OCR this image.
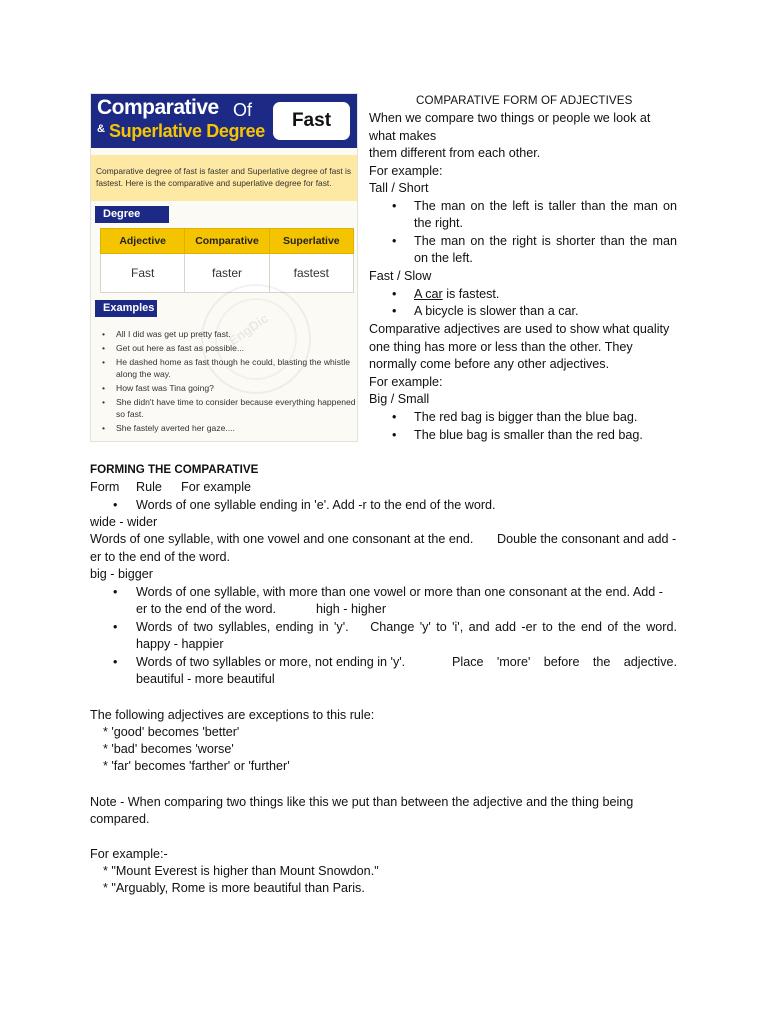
Comparative Of
& Superlative Degree	Fast
Comparative degree of fast is faster and Superlative degree of fast is fastest. Here is the comparative and superlative degree for fast.
Degree
Adjective	Comparative	Superlative
Fast	faster	fastest
EngDic
Examples
• All I did was get up pretty fast.
• Get out here as fast as possible...
• He dashed home as fast though he could, blasting the whistle along the way.
• How fast was Tina going?
• She didn't have time to consider because everything happened so fast.
• She fastely averted her gaze....
COMPARATIVE FORM OF ADJECTIVES
When we compare two things or people we look at
what makes
them different from each other.
For example:
Tall / Short
• The man on the left is taller than the man on
the right.
• The man on the right is shorter than the man
on the left.
Fast / Slow
• A car is fastest.
• A bicycle is slower than a car.
Comparative adjectives are used to show what quality
one thing has more or less than the other. They
normally come before any other adjectives.
For example:
Big / Small
• The red bag is bigger than the blue bag.
• The blue bag is smaller than the red bag.
FORMING THE COMPARATIVE
Form Rule For example
• Words of one syllable ending in 'e'. Add -r to the end of the word.
wide - wider
Words of one syllable, with one vowel and one consonant at the end. Double the consonant and add -
er to the end of the word.
big - bigger
• Words of one syllable, with more than one vowel or more than one consonant at the end. Add -
er to the end of the word.	high - higher
• Words of two syllables, ending in 'y'.    Change 'y' to 'i', and add -er to the end of the word.
happy - happier
• Words of two syllables or more, not ending in 'y'.	Place 'more' before the adjective.
beautiful - more beautiful
The following adjectives are exceptions to this rule:
* 'good' becomes 'better'
* 'bad' becomes 'worse'
* 'far' becomes 'farther' or 'further'
Note - When comparing two things like this we put than between the adjective and the thing being
compared.
For example:-
* "Mount Everest is higher than Mount Snowdon."
* "Arguably, Rome is more beautiful than Paris.
